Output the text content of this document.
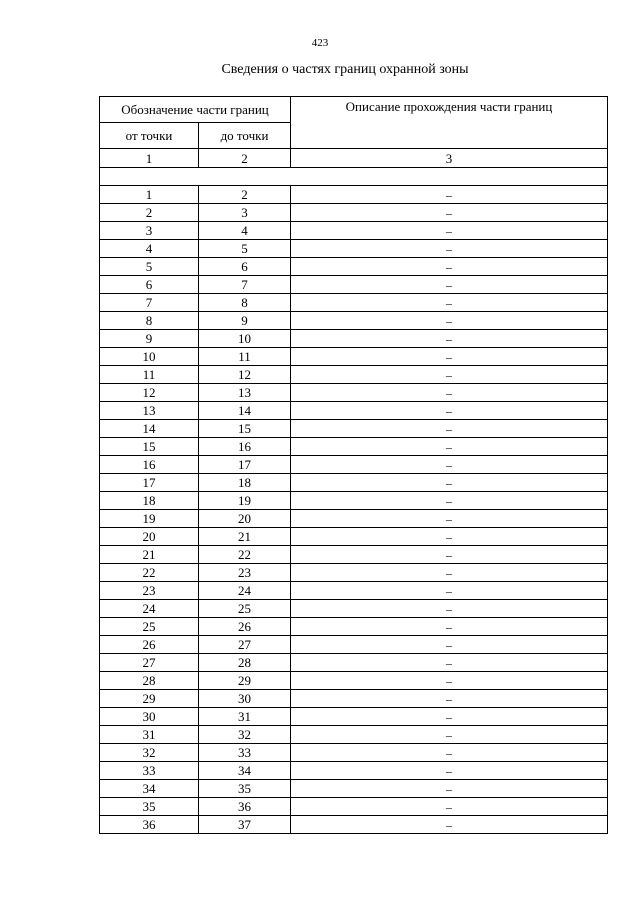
423
Сведения о частях границ охранной зоны
Обозначение части границ		Описание прохождения части границ
от точки	до точки	
1	2	3

1	2	–
2	3	–
3	4	–
4	5	–
5	6	–
6	7	–
7	8	–
8	9	–
9	10	–
10	11	–
11	12	–
12	13	–
13	14	–
14	15	–
15	16	–
16	17	–
17	18	–
18	19	–
19	20	–
20	21	–
21	22	–
22	23	–
23	24	–
24	25	–
25	26	–
26	27	–
27	28	–
28	29	–
29	30	–
30	31	–
31	32	–
32	33	–
33	34	–
34	35	–
35	36	–
36	37	–
